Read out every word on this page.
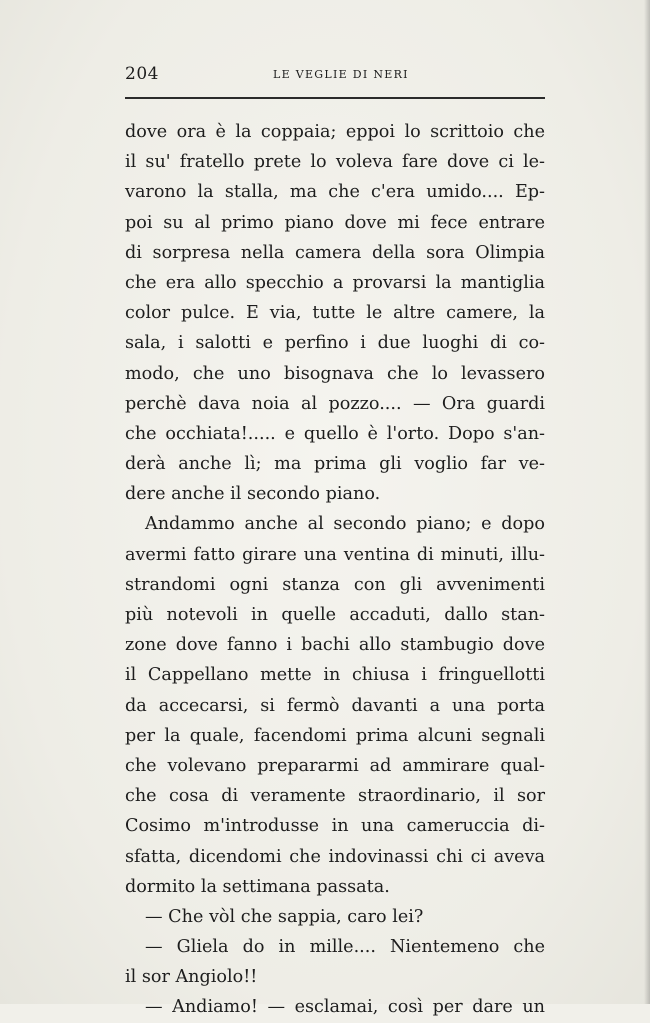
204	LE VEGLIE DI NERI
dove ora è la coppaia; eppoi lo scrittoio che
il su' fratello prete lo voleva fare dove ci le-
varono la stalla, ma che c'era umido.... Ep-
poi su al primo piano dove mi fece entrare
di sorpresa nella camera della sora Olimpia
che era allo specchio a provarsi la mantiglia
color pulce. E via, tutte le altre camere, la
sala, i salotti e perfino i due luoghi di co-
modo, che uno bisognava che lo levassero
perchè dava noia al pozzo.... — Ora guardi
che occhiata!..... e quello è l'orto. Dopo s'an-
derà anche lì; ma prima gli voglio far ve-
dere anche il secondo piano.
Andammo anche al secondo piano; e dopo
avermi fatto girare una ventina di minuti, illu-
strandomi ogni stanza con gli avvenimenti
più notevoli in quelle accaduti, dallo stan-
zone dove fanno i bachi allo stambugio dove
il Cappellano mette in chiusa i fringuellotti
da accecarsi, si fermò davanti a una porta
per la quale, facendomi prima alcuni segnali
che volevano prepararmi ad ammirare qual-
che cosa di veramente straordinario, il sor
Cosimo m'introdusse in una cameruccia di-
sfatta, dicendomi che indovinassi chi ci aveva
dormito la settimana passata.
— Che vòl che sappia, caro lei?
— Gliela do in mille.... Nientemeno che
il sor Angiolo!!
— Andiamo! — esclamai, così per dare un
